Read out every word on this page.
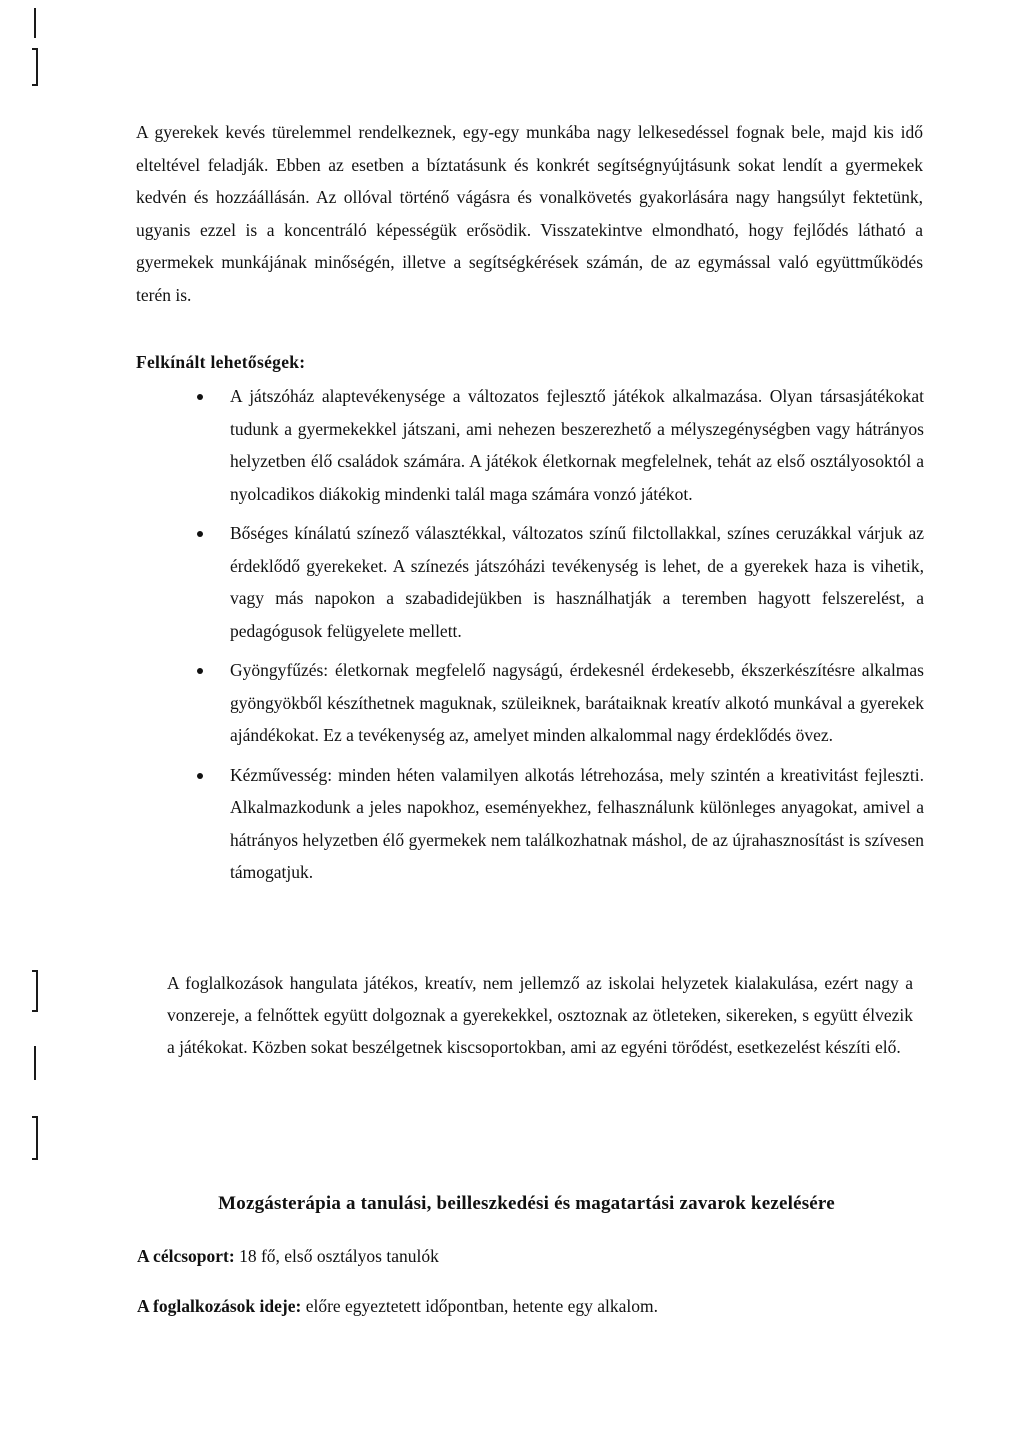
A gyerekek kevés türelemmel rendelkeznek, egy-egy munkába nagy lelkesedéssel fognak bele, majd kis idő elteltével feladják. Ebben az esetben a bíztatásunk és konkrét segítségnyújtásunk sokat lendít a gyermekek kedvén és hozzáállásán. Az ollóval történő vágásra és vonalkövetés gyakorlására nagy hangsúlyt fektetünk, ugyanis ezzel is a koncentráló képességük erősödik. Visszatekintve elmondható, hogy fejlődés látható a gyermekek munkájának minőségén, illetve a segítségkérések számán, de az egymással való együttműködés terén is.

Felkínált lehetőségek:

A játszóház alaptevékenysége a változatos fejlesztő játékok alkalmazása. Olyan társasjátékokat tudunk a gyermekekkel játszani, ami nehezen beszerezhető a mélyszegénységben vagy hátrányos helyzetben élő családok számára. A játékok életkornak megfelelnek, tehát az első osztályosoktól a nyolcadikos diákokig mindenki talál maga számára vonzó játékot.
Bőséges kínálatú színező választékkal, változatos színű filctollakkal, színes ceruzákkal várjuk az érdeklődő gyerekeket. A színezés játszóházi tevékenység is lehet, de a gyerekek haza is vihetik, vagy más napokon a szabadidejükben is használhatják a teremben hagyott felszerelést, a pedagógusok felügyelete mellett.
Gyöngyfűzés: életkornak megfelelő nagyságú, érdekesnél érdekesebb, ékszerkészítésre alkalmas gyöngyökből készíthetnek maguknak, szüleiknek, barátaiknak kreatív alkotó munkával a gyerekek ajándékokat. Ez a tevékenység az, amelyet minden alkalommal nagy érdeklődés övez.
Kézművesség: minden héten valamilyen alkotás létrehozása, mely szintén a kreativitást fejleszti. Alkalmazkodunk a jeles napokhoz, eseményekhez, felhasználunk különleges anyagokat, amivel a hátrányos helyzetben élő gyermekek nem találkozhatnak máshol, de az újrahasznosítást is szívesen támogatjuk.

A foglalkozások hangulata játékos, kreatív, nem jellemző az iskolai helyzetek kialakulása, ezért nagy a vonzereje, a felnőttek együtt dolgoznak a gyerekekkel, osztoznak az ötleteken, sikereken, s együtt élvezik a játékokat. Közben sokat beszélgetnek kiscsoportokban, ami az egyéni törődést, esetkezelést készíti elő.

Mozgásterápia a tanulási, beilleszkedési és magatartási zavarok kezelésére

A célcsoport: 18 fő, első osztályos tanulók

A foglalkozások ideje: előre egyeztetett időpontban, hetente egy alkalom.
